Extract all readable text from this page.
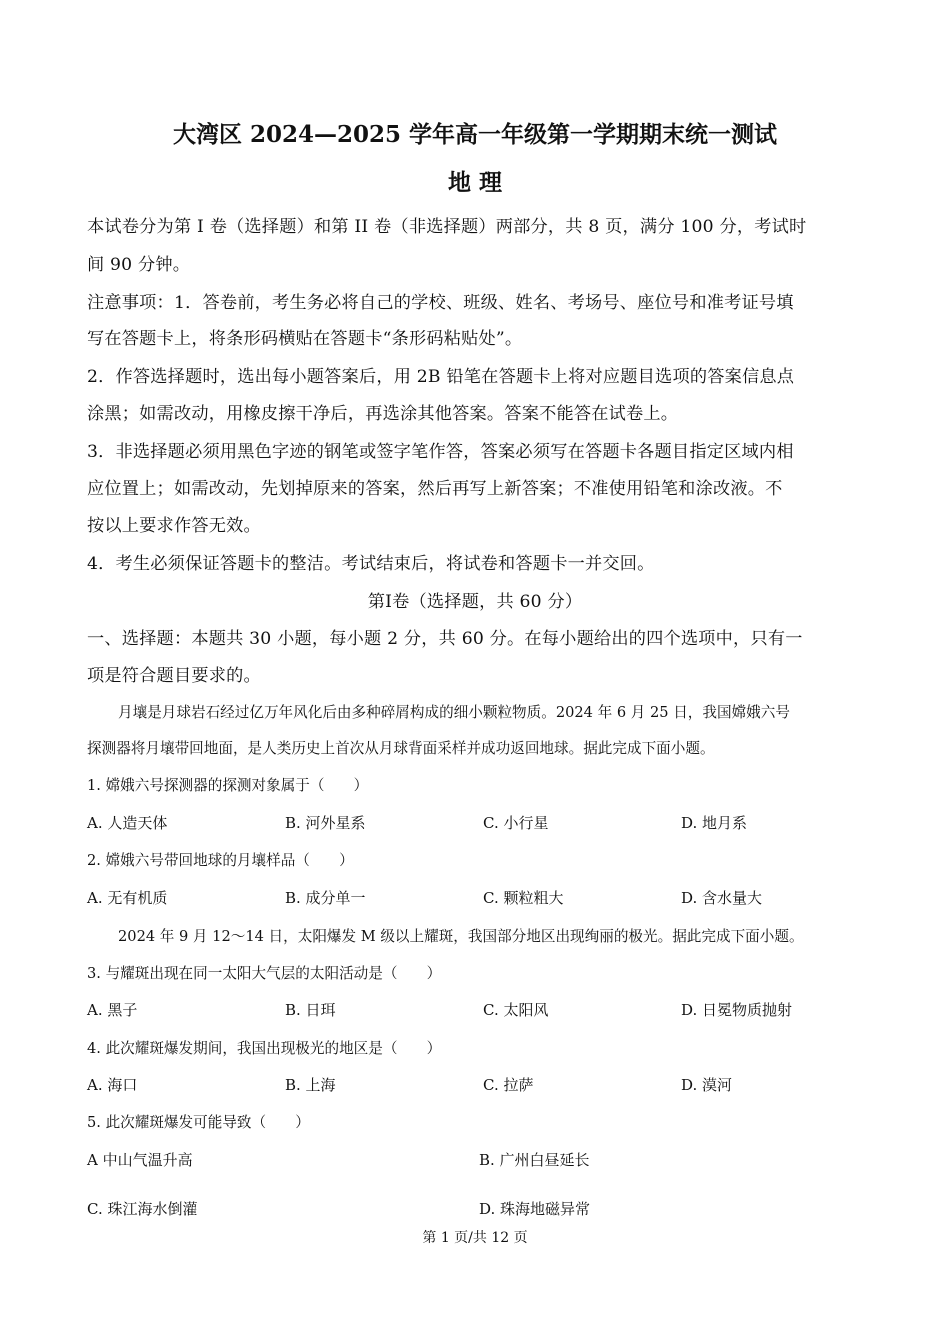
大湾区 2024—2025 学年高一年级第一学期期末统一测试
地 理
本试卷分为第 I 卷（选择题）和第 II 卷（非选择题）两部分，共 8 页，满分 100 分，考试时
间 90 分钟。
注意事项：1．答卷前，考生务必将自己的学校、班级、姓名、考场号、座位号和准考证号填
写在答题卡上，将条形码横贴在答题卡“条形码粘贴处”。
2．作答选择题时，选出每小题答案后，用 2B 铅笔在答题卡上将对应题目选项的答案信息点
涂黑；如需改动，用橡皮擦干净后，再选涂其他答案。答案不能答在试卷上。
3．非选择题必须用黑色字迹的钢笔或签字笔作答，答案必须写在答题卡各题目指定区域内相
应位置上；如需改动，先划掉原来的答案，然后再写上新答案；不准使用铅笔和涂改液。不
按以上要求作答无效。
4．考生必须保证答题卡的整洁。考试结束后，将试卷和答题卡一并交回。
第Ⅰ卷（选择题，共 60 分）
一、选择题：本题共 30 小题，每小题 2 分，共 60 分。在每小题给出的四个选项中，只有一
项是符合题目要求的。
月壤是月球岩石经过亿万年风化后由多种碎屑构成的细小颗粒物质。2024 年 6 月 25 日，我国嫦娥六号
探测器将月壤带回地面，是人类历史上首次从月球背面采样并成功返回地球。据此完成下面小题。
1. 嫦娥六号探测器的探测对象属于（　　）
A. 人造天体	B. 河外星系	C. 小行星	D. 地月系
2. 嫦娥六号带回地球的月壤样品（　　）
A. 无有机质	B. 成分单一	C. 颗粒粗大	D. 含水量大
2024 年 9 月 12～14 日，太阳爆发 M 级以上耀斑，我国部分地区出现绚丽的极光。据此完成下面小题。
3. 与耀斑出现在同一太阳大气层的太阳活动是（　　）
A. 黑子	B. 日珥	C. 太阳风	D. 日冕物质抛射
4. 此次耀斑爆发期间，我国出现极光的地区是（　　）
A. 海口	B. 上海	C. 拉萨	D. 漠河
5. 此次耀斑爆发可能导致（　　）
A 中山气温升高	B. 广州白昼延长
C. 珠江海水倒灌	D. 珠海地磁异常
第 1 页/共 12 页
